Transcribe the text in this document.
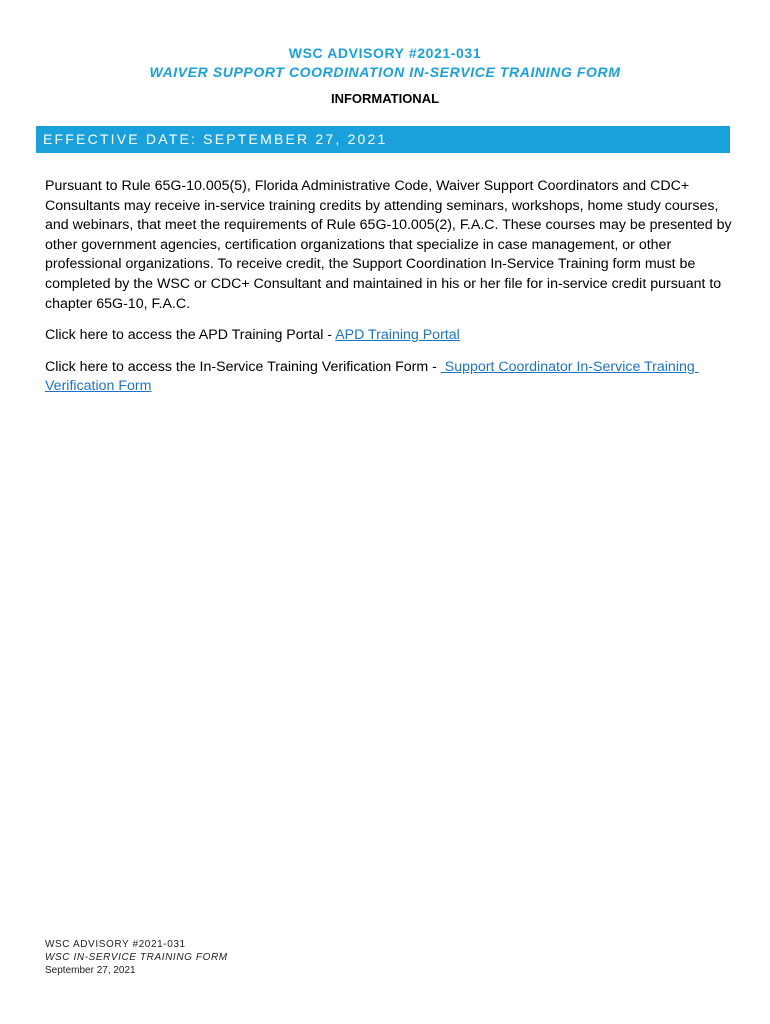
WSC ADVISORY #2021-031
WAIVER SUPPORT COORDINATION IN-SERVICE TRAINING FORM
INFORMATIONAL
EFFECTIVE DATE: SEPTEMBER 27, 2021

Pursuant to Rule 65G-10.005(5), Florida Administrative Code, Waiver Support Coordinators and CDC+ Consultants may receive in-service training credits by attending seminars, workshops, home study courses, and webinars, that meet the requirements of Rule 65G-10.005(2), F.A.C. These courses may be presented by other government agencies, certification organizations that specialize in case management, or other professional organizations. To receive credit, the Support Coordination In-Service Training form must be completed by the WSC or CDC+ Consultant and maintained in his or her file for in-service credit pursuant to chapter 65G-10, F.A.C.

Click here to access the APD Training Portal - APD Training Portal

Click here to access the In-Service Training Verification Form -  Support Coordinator In-Service Training Verification Form

WSC ADVISORY #2021-031
WSC IN-SERVICE TRAINING FORM
September 27, 2021
